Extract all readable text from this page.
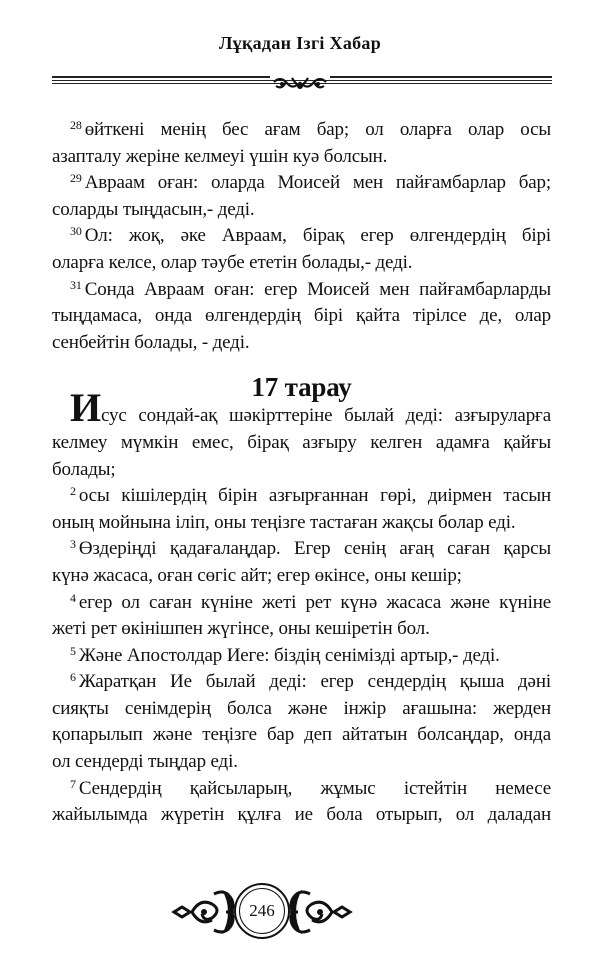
Лұқадан Ізгі Хабар
$^{28}$ өйткені менің бес ағам бар; ол оларға олар осы
азапталу жеріне келмеуі үшін куә болсын.
$^{29}$ Авраам оған: оларда Моисей мен пайғамбарлар бар;
соларды тыңдасын,- деді.
$^{30}$ Ол: жоқ, әке Авраам, бірақ егер өлгендердің бірі
оларға келсе, олар тәубе ететін болады,- деді.
$^{31}$ Сонда Авраам оған: егер Моисей мен пайғамбарларды
тыңдамаса, онда өлгендердің бірі қайта тірілсе де, олар
сенбейтін болады, - деді.
17 тарау
Исус сондай-ақ шәкірттеріне былай деді: азғыруларға
келмеу мүмкін емес, бірақ азғыру келген адамға қайғы
болады;
$^2$ осы кішілердің бірін азғырғаннан гөрі, диірмен тасын
оның мойнына іліп, оны теңізге тастаған жақсы болар еді.
$^3$ Өздеріңді қадағалаңдар. Егер сенің ағаң саған қарсы
күнә жасаса, оған сөгіс айт; егер өкінсе, оны кешір;
$^4$ егер ол саған күніне жеті рет күнә жасаса және күніне
жеті рет өкінішпен жүгінсе, оны кешіретін бол.
$^5$ Және Апостолдар Иеге: біздің сенімізді артыр,- деді.
$^6$ Жаратқан Ие былай деді: егер сендердің қыша дәні
сияқты сенімдерің болса және інжір ағашына: жерден
қопарылып және теңізге бар деп айтатын болсаңдар, онда
ол сендерді тыңдар еді.
$^7$ Сендердің қайсыларың, жұмыс істейтін немесе
жайылымда жүретін құлға ие бола отырып, ол даладан
246
